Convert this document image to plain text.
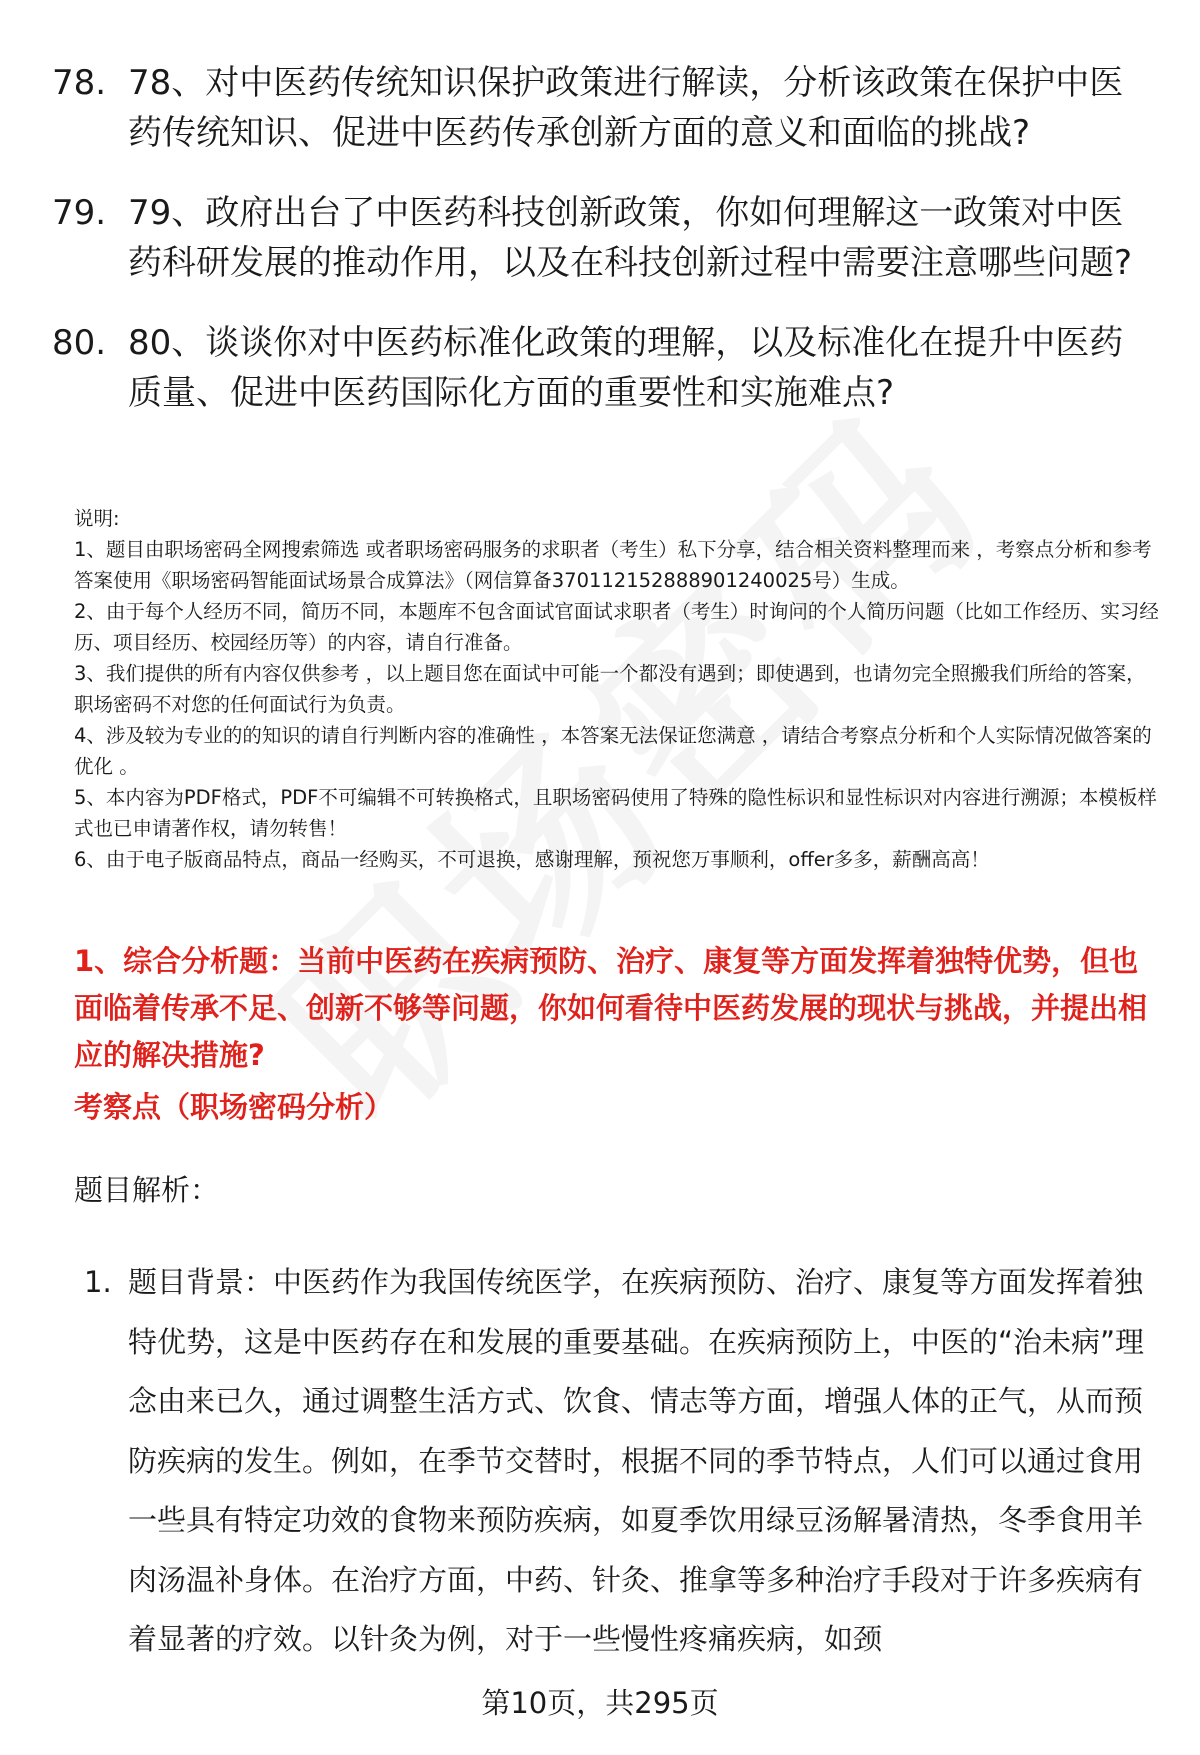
78. 78、对中医药传统知识保护政策进行解读，分析该政策在保护中医药传统知识、促进中医药传承创新方面的意义和面临的挑战?
79. 79、政府出台了中医药科技创新政策，你如何理解这一政策对中医药科研发展的推动作用，以及在科技创新过程中需要注意哪些问题?
80. 80、谈谈你对中医药标准化政策的理解，以及标准化在提升中医药质量、促进中医药国际化方面的重要性和实施难点?
说明:
1、题目由职场密码全网搜索筛选 或者职场密码服务的求职者（考生）私下分享，结合相关资料整理而来 ，考察点分析和参考答案使用《职场密码智能面试场景合成算法》（网信算备370112152888901240025号）生成。
2、由于每个人经历不同，简历不同，本题库不包含面试官面试求职者（考生）时询问的个人简历问题（比如工作经历、实习经历、项目经历、校园经历等）的内容，请自行准备。
3、我们提供的所有内容仅供参考 ，以上题目您在面试中可能一个都没有遇到；即使遇到，也请勿完全照搬我们所给的答案，职场密码不对您的任何面试行为负责。
4、涉及较为专业的的知识的请自行判断内容的准确性 ，本答案无法保证您满意 ，请结合考察点分析和个人实际情况做答案的优化 。
5、本内容为PDF格式，PDF不可编辑不可转换格式，且职场密码使用了特殊的隐性标识和显性标识对内容进行溯源；本模板样式也已申请著作权，请勿转售！
6、由于电子版商品特点，商品一经购买，不可退换，感谢理解，预祝您万事顺利，offer多多，薪酬高高！
1、综合分析题：当前中医药在疾病预防、治疗、康复等方面发挥着独特优势，但也面临着传承不足、创新不够等问题，你如何看待中医药发展的现状与挑战，并提出相应的解决措施?
考察点（职场密码分析）
题目解析：
1. 题目背景：中医药作为我国传统医学，在疾病预防、治疗、康复等方面发挥着独特优势，这是中医药存在和发展的重要基础。在疾病预防上，中医的“治未病”理念由来已久，通过调整生活方式、饮食、情志等方面，增强人体的正气，从而预防疾病的发生。例如，在季节交替时，根据不同的季节特点，人们可以通过食用一些具有特定功效的食物来预防疾病，如夏季饮用绿豆汤解暑清热，冬季食用羊肉汤温补身体。在治疗方面，中药、针灸、推拿等多种治疗手段对于许多疾病有着显著的疗效。以针灸为例，对于一些慢性疼痛疾病，如颈
第10页，共295页
